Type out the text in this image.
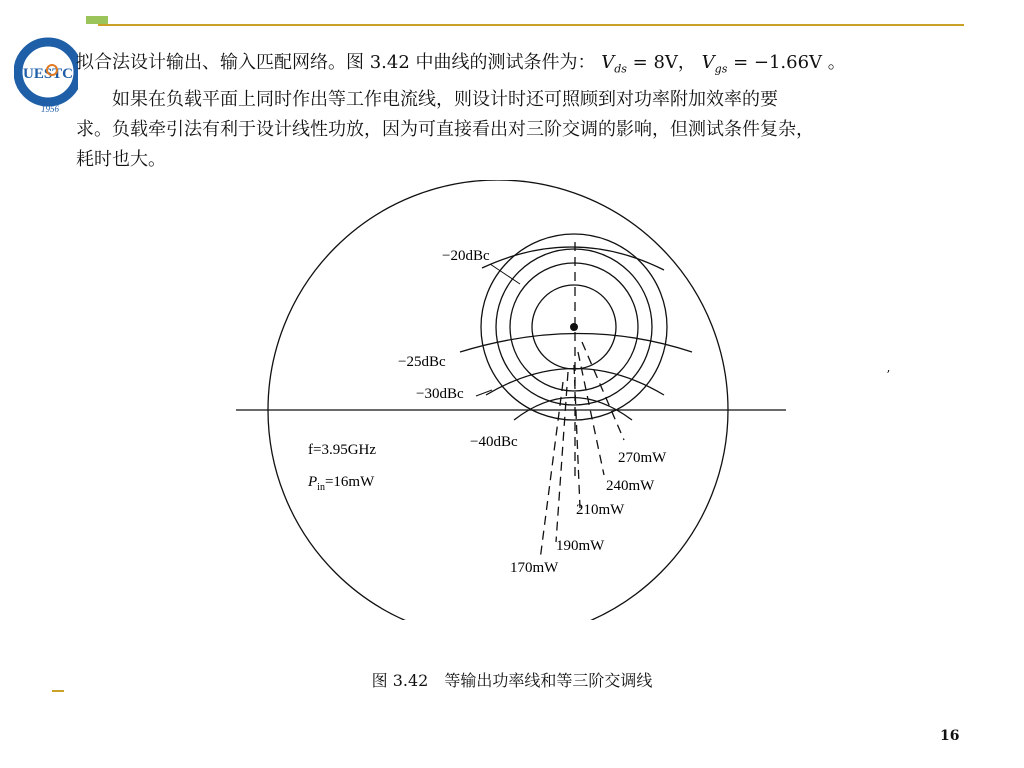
UESTC
1956

拟合法设计输出、输入匹配网络。图 3.42 中曲线的测试条件为： $V_{ds} = 8V$， $V_{gs} = -1.66V$ 。

如果在负载平面上同时作出等工作电流线，则设计时还可照顾到对功率附加效率的要

求。负载牵引法有利于设计线性功放，因为可直接看出对三阶交调的影响，但测试条件复杂，

耗时也大。

−20dBc
−25dBc
−30dBc
−40dBc
270mW
240mW
210mW
190mW
170mW
f=3.95GHz
$P_{in}=16mW$
图 3.42　等输出功率线和等三阶交调线
ʼ
16
